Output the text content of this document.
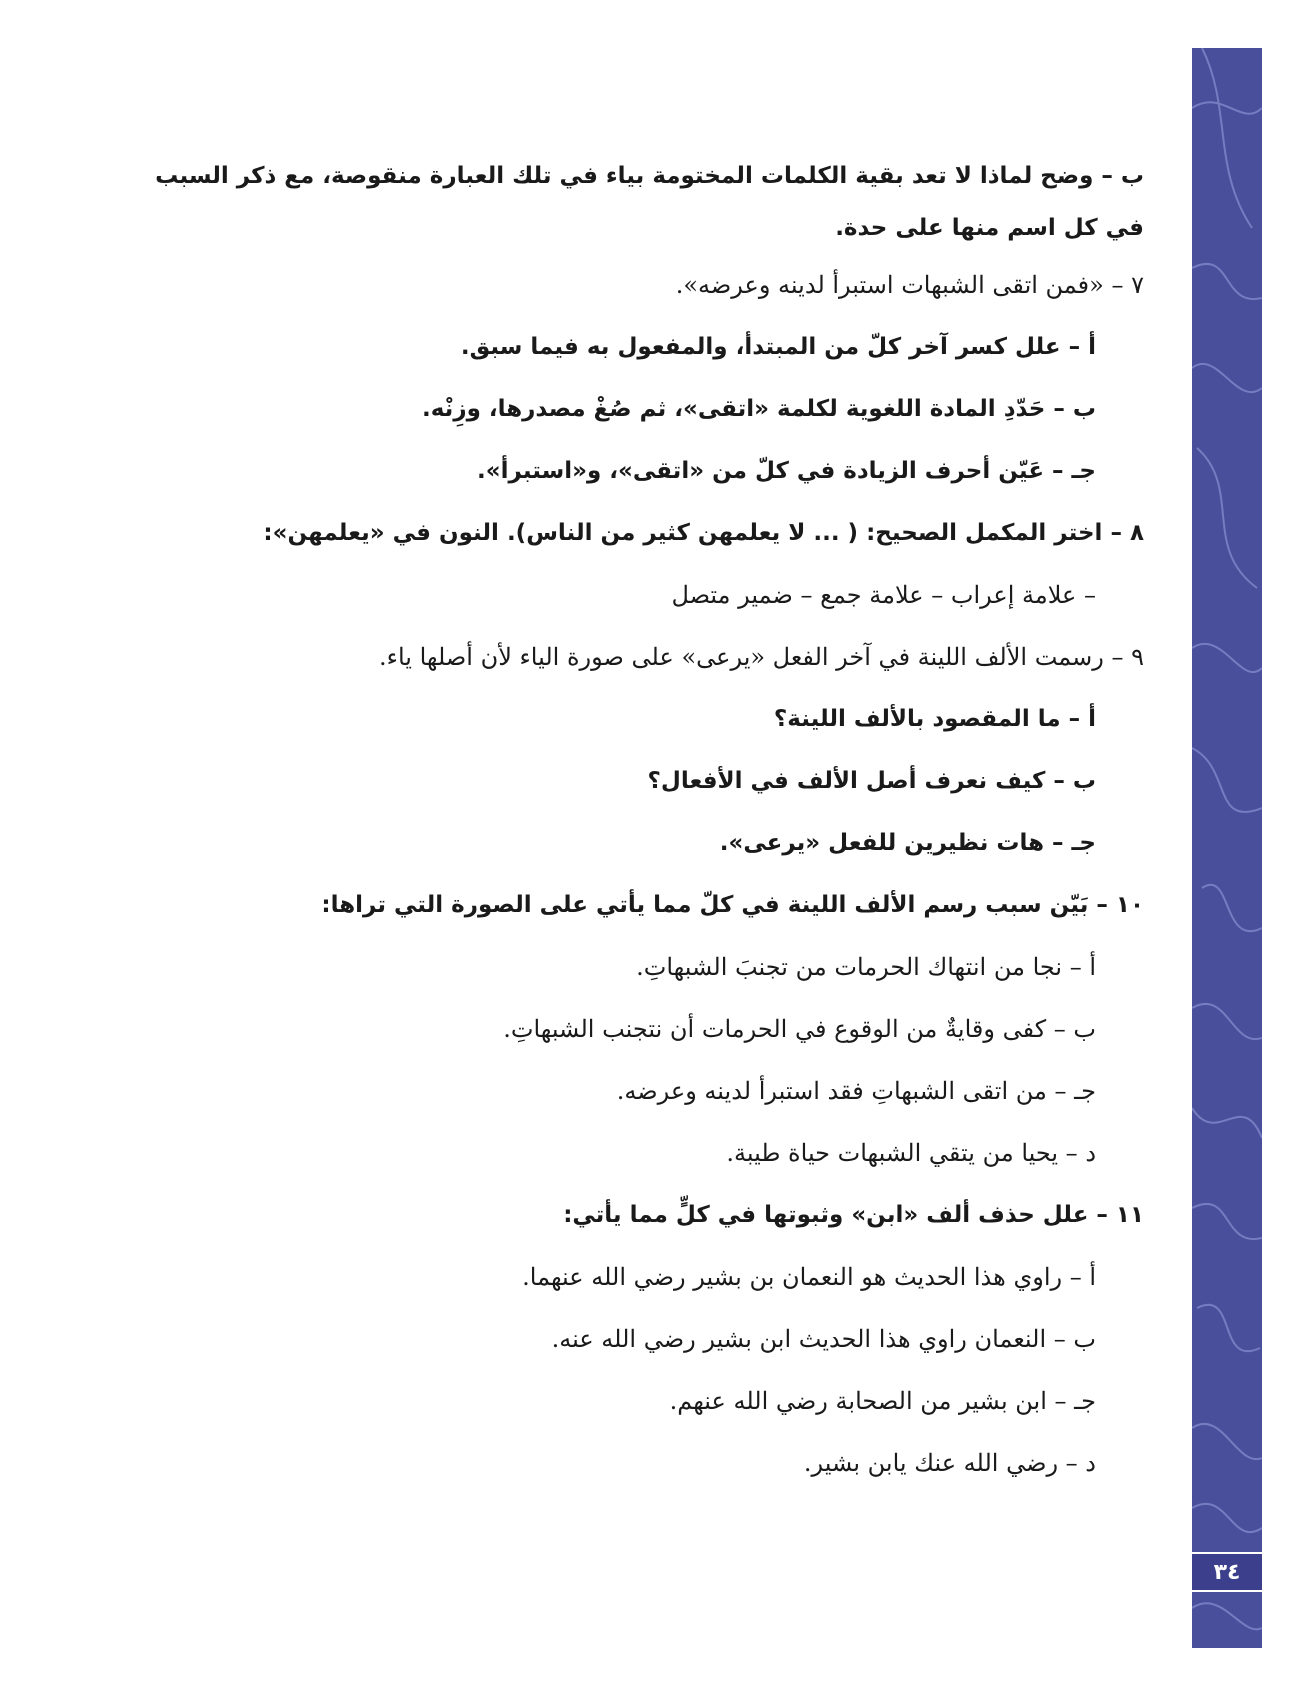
٣٤
ب – وضح لماذا لا تعد بقية الكلمات المختومة بياء في تلك العبارة منقوصة، مع ذكر السبب في كل اسم منها على حدة.
٧ – «فمن اتقى الشبهات استبرأ لدينه وعرضه».
أ – علل كسر آخر كلّ من المبتدأ، والمفعول به فيما سبق.
ب – حَدّدِ المادة اللغوية لكلمة «اتقى»، ثم صُغْ مصدرها، وزِنْه.
جـ – عَيّن أحرف الزيادة في كلّ من «اتقى»، و«استبرأ».
٨ – اختر المكمل الصحيح: ( ... لا يعلمهن كثير من الناس). النون في «يعلمهن»:
– علامة إعراب – علامة جمع – ضمير متصل
٩ – رسمت الألف اللينة في آخر الفعل «يرعى» على صورة الياء لأن أصلها ياء.
أ – ما المقصود بالألف اللينة؟
ب – كيف نعرف أصل الألف في الأفعال؟
جـ – هات نظيرين للفعل «يرعى».
١٠ – بَيّن سبب رسم الألف اللينة في كلّ مما يأتي على الصورة التي تراها:
أ – نجا من انتهاك الحرمات من تجنبَ الشبهاتِ.
ب – كفى وقايةٌ من الوقوع في الحرمات أن نتجنب الشبهاتِ.
جـ – من اتقى الشبهاتِ فقد استبرأ لدينه وعرضه.
د – يحيا من يتقي الشبهات حياة طيبة.
١١ – علل حذف ألف «ابن» وثبوتها في كلٍّ مما يأتي:
أ – راوي هذا الحديث هو النعمان بن بشير رضي الله عنهما.
ب – النعمان راوي هذا الحديث ابن بشير رضي الله عنه.
جـ – ابن بشير من الصحابة رضي الله عنهم.
د – رضي الله عنك يابن بشير.
